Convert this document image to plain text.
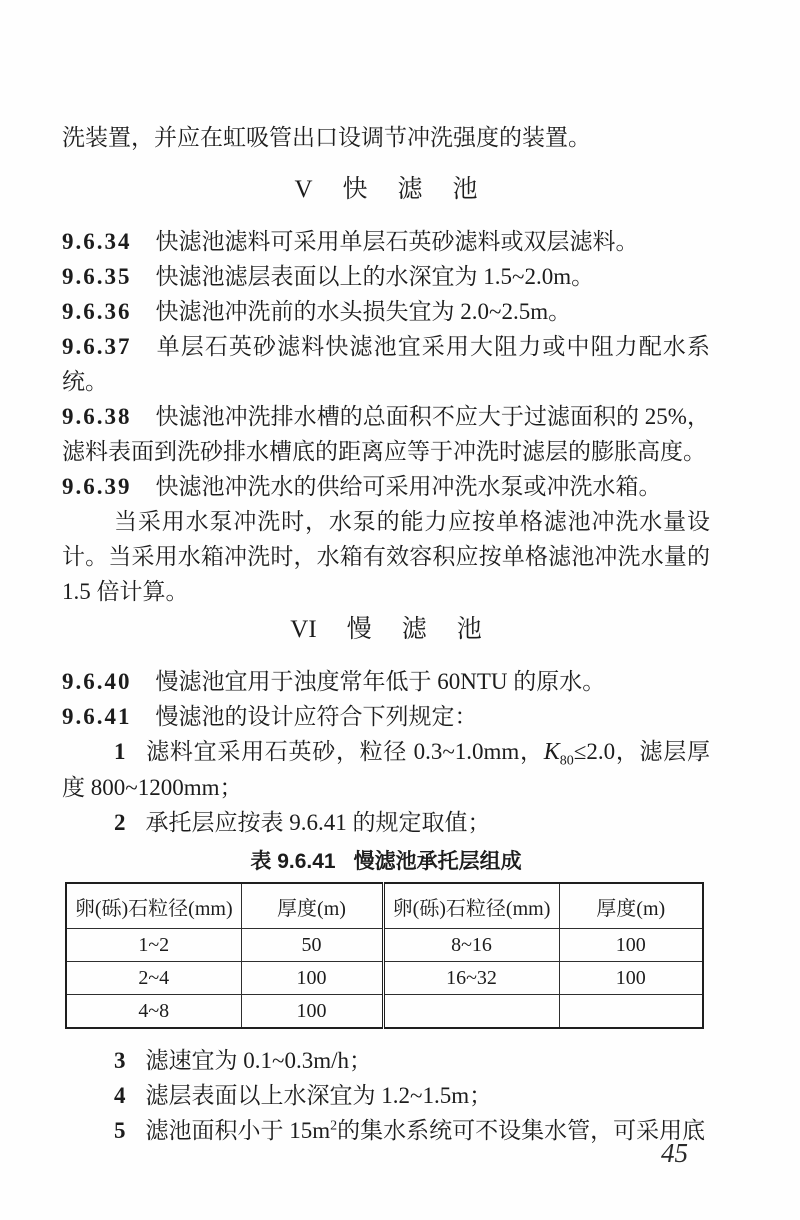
洗装置，并应在虹吸管出口设调节冲洗强度的装置。

V 快滤池

9.6.34 快滤池滤料可采用单层石英砂滤料或双层滤料。

9.6.35 快滤池滤层表面以上的水深宜为 1.5~2.0m。

9.6.36 快滤池冲洗前的水头损失宜为 2.0~2.5m。

9.6.37 单层石英砂滤料快滤池宜采用大阻力或中阻力配水系统。

9.6.38 快滤池冲洗排水槽的总面积不应大于过滤面积的 25%，滤料表面到洗砂排水槽底的距离应等于冲洗时滤层的膨胀高度。

9.6.39 快滤池冲洗水的供给可采用冲洗水泵或冲洗水箱。

当采用水泵冲洗时，水泵的能力应按单格滤池冲洗水量设计。当采用水箱冲洗时，水箱有效容积应按单格滤池冲洗水量的 1.5 倍计算。

VI 慢滤池

9.6.40 慢滤池宜用于浊度常年低于 60NTU 的原水。

9.6.41 慢滤池的设计应符合下列规定：

1 滤料宜采用石英砂，粒径 0.3~1.0mm，$K_{80}\le 2.0$，滤层厚度 800~1200mm；

2 承托层应按表 9.6.41 的规定取值；

表 9.6.41 慢滤池承托层组成
卵(砾)石粒径(mm)	厚度(m)	卵(砾)石粒径(mm)	厚度(m)
1~2	50	8~16	100
2~4	100	16~32	100
4~8	100		

3 滤速宜为 0.1~0.3m/h；

4 滤层表面以上水深宜为 1.2~1.5m；

5 滤池面积小于 $15m^2$的集水系统可不设集水管，可采用底

45
